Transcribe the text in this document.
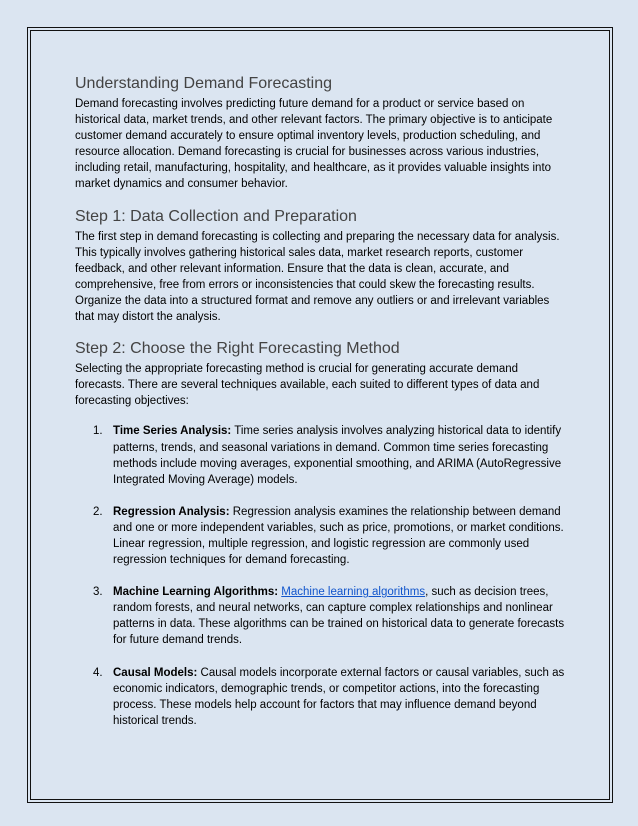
Understanding Demand Forecasting

Demand forecasting involves predicting future demand for a product or service based on historical data, market trends, and other relevant factors. The primary objective is to anticipate customer demand accurately to ensure optimal inventory levels, production scheduling, and resource allocation. Demand forecasting is crucial for businesses across various industries, including retail, manufacturing, hospitality, and healthcare, as it provides valuable insights into market dynamics and consumer behavior.

Step 1: Data Collection and Preparation

The first step in demand forecasting is collecting and preparing the necessary data for analysis. This typically involves gathering historical sales data, market research reports, customer feedback, and other relevant information. Ensure that the data is clean, accurate, and comprehensive, free from errors or inconsistencies that could skew the forecasting results. Organize the data into a structured format and remove any outliers or and irrelevant variables that may distort the analysis.

Step 2: Choose the Right Forecasting Method

Selecting the appropriate forecasting method is crucial for generating accurate demand forecasts. There are several techniques available, each suited to different types of data and forecasting objectives:

1. Time Series Analysis: Time series analysis involves analyzing historical data to identify patterns, trends, and seasonal variations in demand. Common time series forecasting methods include moving averages, exponential smoothing, and ARIMA (AutoRegressive Integrated Moving Average) models.
2. Regression Analysis: Regression analysis examines the relationship between demand and one or more independent variables, such as price, promotions, or market conditions. Linear regression, multiple regression, and logistic regression are commonly used regression techniques for demand forecasting.
3. Machine Learning Algorithms: Machine learning algorithms, such as decision trees, random forests, and neural networks, can capture complex relationships and nonlinear patterns in data. These algorithms can be trained on historical data to generate forecasts for future demand trends.
4. Causal Models: Causal models incorporate external factors or causal variables, such as economic indicators, demographic trends, or competitor actions, into the forecasting process. These models help account for factors that may influence demand beyond historical trends.
